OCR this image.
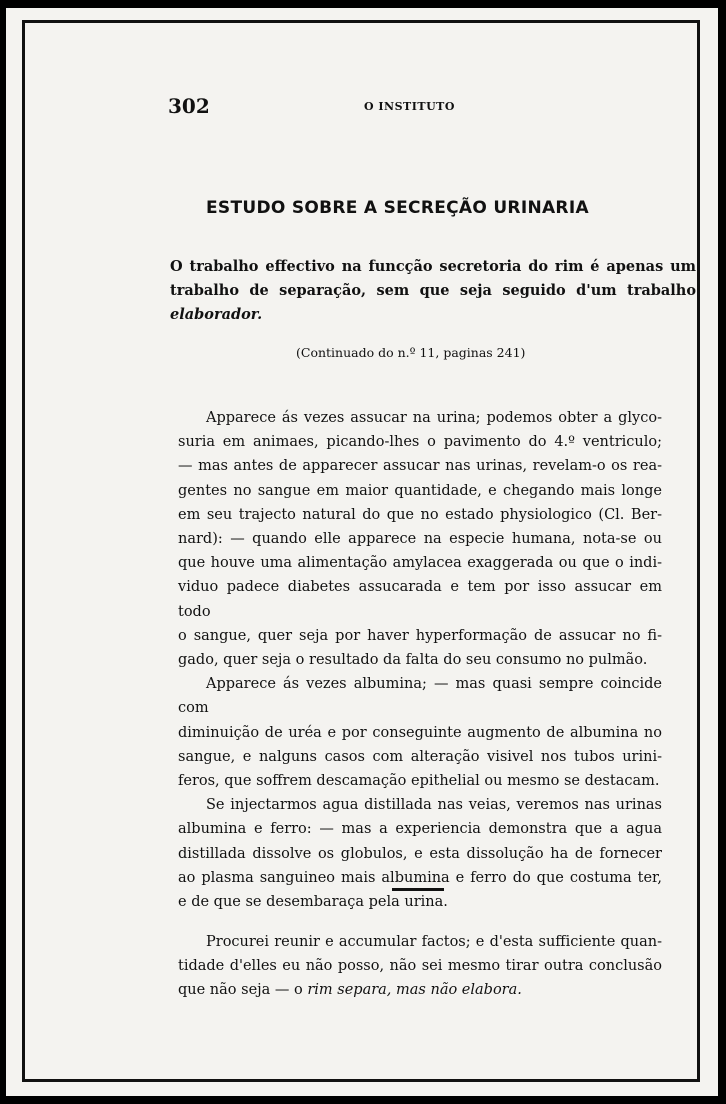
302	O INSTITUTO
ESTUDO SOBRE A SECREÇÃO URINARIA
O trabalho effectivo na funcção secretoria do rim é apenas um
trabalho de separação, sem que seja seguido d'um trabalho
elaborador.
(Continuado do n.º 11, paginas 241)
Apparece ás vezes assucar na urina; podemos obter a glyco-
suria em animaes, picando-lhes o pavimento do 4.º ventriculo;
— mas antes de apparecer assucar nas urinas, revelam-o os rea-
gentes no sangue em maior quantidade, e chegando mais longe
em seu trajecto natural do que no estado physiologico (Cl. Ber-
nard): — quando elle apparece na especie humana, nota-se ou
que houve uma alimentação amylacea exaggerada ou que o indi-
viduo padece diabetes assucarada e tem por isso assucar em todo
o sangue, quer seja por haver hyperformação de assucar no fi-
gado, quer seja o resultado da falta do seu consumo no pulmão.
Apparece ás vezes albumina; — mas quasi sempre coincide com
diminuição de uréa e por conseguinte augmento de albumina no
sangue, e nalguns casos com alteração visivel nos tubos urini-
feros, que soffrem descamação epithelial ou mesmo se destacam.
Se injectarmos agua distillada nas veias, veremos nas urinas
albumina e ferro: — mas a experiencia demonstra que a agua
distillada dissolve os globulos, e esta dissolução ha de fornecer
ao plasma sanguineo mais albumina e ferro do que costuma ter,
e de que se desembaraça pela urina.
Procurei reunir e accumular factos; e d'esta sufficiente quan-
tidade d'elles eu não posso, não sei mesmo tirar outra conclusão
que não seja — o rim separa, mas não elabora.
